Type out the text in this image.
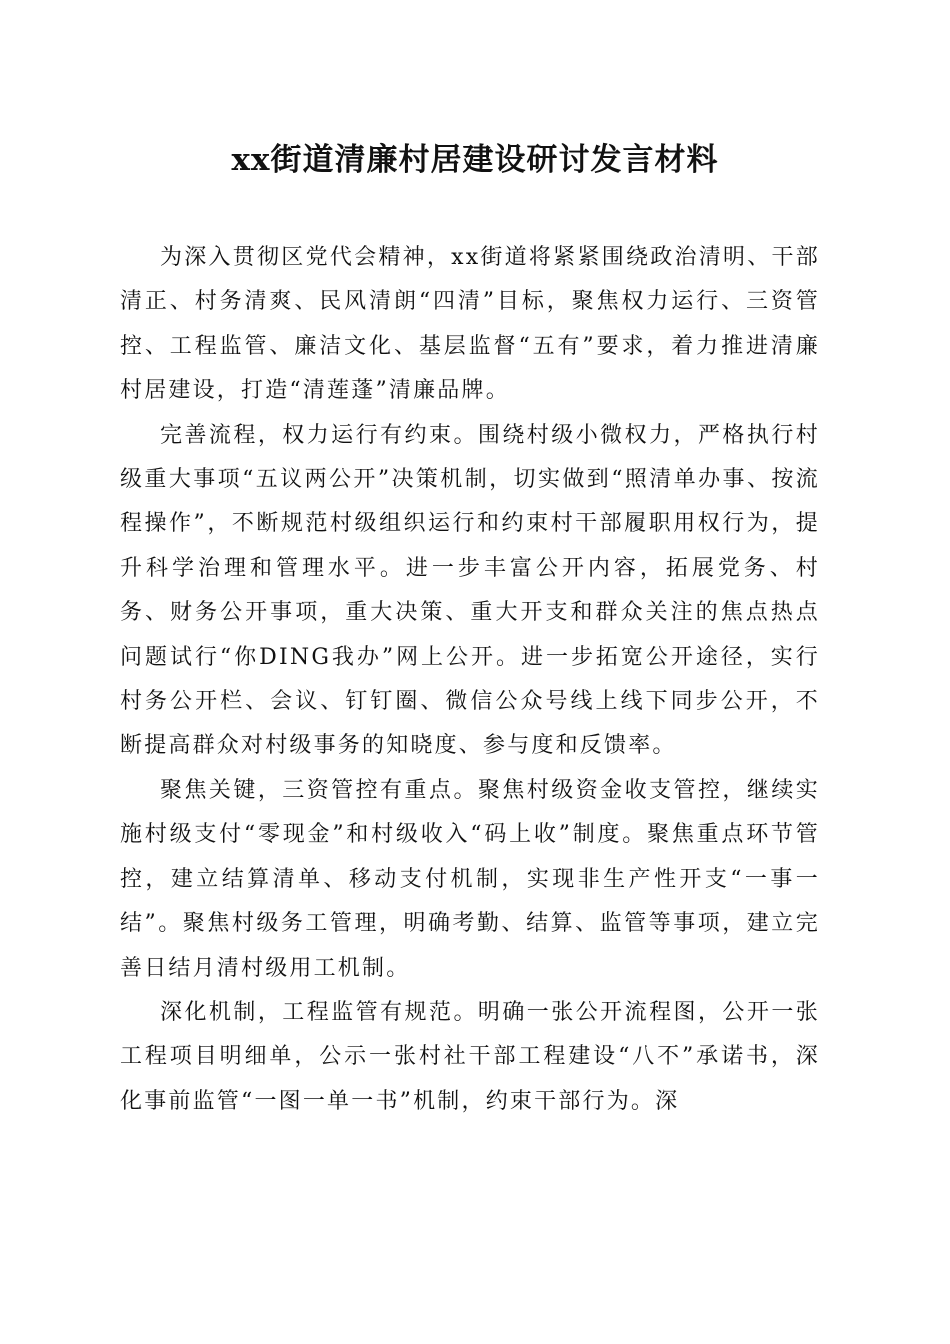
xx街道清廉村居建设研讨发言材料

为深入贯彻区党代会精神，xx街道将紧紧围绕政治清明、干部清正、村务清爽、民风清朗“四清”目标，聚焦权力运行、三资管控、工程监管、廉洁文化、基层监督“五有”要求，着力推进清廉村居建设，打造“清莲蓬”清廉品牌。

完善流程，权力运行有约束。围绕村级小微权力，严格执行村级重大事项“五议两公开”决策机制，切实做到“照清单办事、按流程操作”，不断规范村级组织运行和约束村干部履职用权行为，提升科学治理和管理水平。进一步丰富公开内容，拓展党务、村务、财务公开事项，重大决策、重大开支和群众关注的焦点热点问题试行“你DING我办”网上公开。进一步拓宽公开途径，实行村务公开栏、会议、钉钉圈、微信公众号线上线下同步公开，不断提高群众对村级事务的知晓度、参与度和反馈率。

聚焦关键，三资管控有重点。聚焦村级资金收支管控，继续实施村级支付“零现金”和村级收入“码上收”制度。聚焦重点环节管控，建立结算清单、移动支付机制，实现非生产性开支“一事一结”。聚焦村级务工管理，明确考勤、结算、监管等事项，建立完善日结月清村级用工机制。

深化机制，工程监管有规范。明确一张公开流程图，公开一张工程项目明细单，公示一张村社干部工程建设“八不”承诺书，深化事前监管“一图一单一书”机制，约束干部行为。深
